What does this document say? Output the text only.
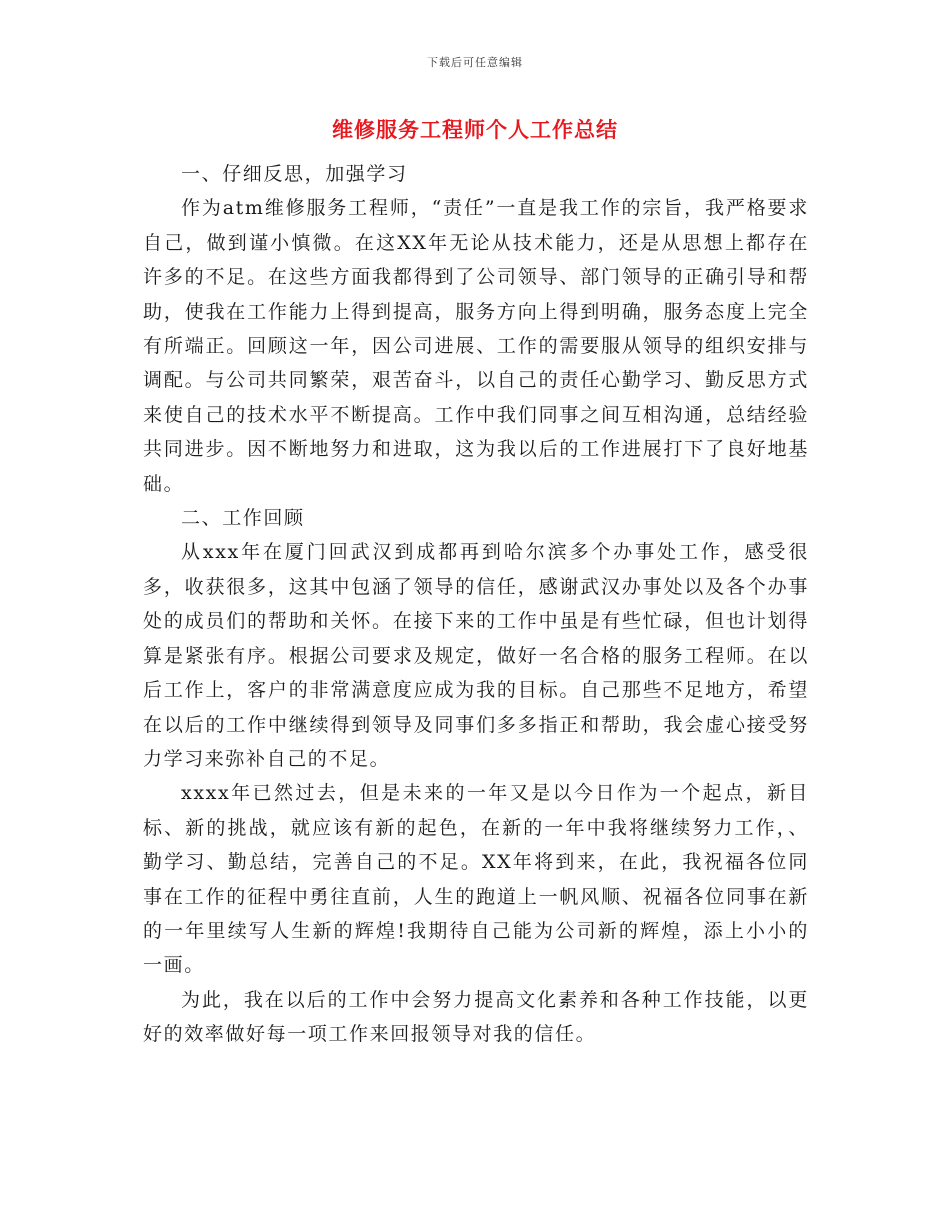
下载后可任意编辑
维修服务工程师个人工作总结

一、仔细反思，加强学习

作为atm维修服务工程师，“责任”一直是我工作的宗旨，我严格要求自己，做到谨小慎微。在这XX年无论从技术能力，还是从思想上都存在许多的不足。在这些方面我都得到了公司领导、部门领导的正确引导和帮助，使我在工作能力上得到提高，服务方向上得到明确，服务态度上完全有所端正。回顾这一年，因公司进展、工作的需要服从领导的组织安排与调配。与公司共同繁荣，艰苦奋斗，以自己的责任心勤学习、勤反思方式来使自己的技术水平不断提高。工作中我们同事之间互相沟通，总结经验共同进步。因不断地努力和进取，这为我以后的工作进展打下了良好地基础。

二、工作回顾

从xxx年在厦门回武汉到成都再到哈尔滨多个办事处工作，感受很多，收获很多，这其中包涵了领导的信任，感谢武汉办事处以及各个办事处的成员们的帮助和关怀。在接下来的工作中虽是有些忙碌，但也计划得算是紧张有序。根据公司要求及规定，做好一名合格的服务工程师。在以后工作上，客户的非常满意度应成为我的目标。自己那些不足地方，希望在以后的工作中继续得到领导及同事们多多指正和帮助，我会虚心接受努力学习来弥补自己的不足。

xxxx年已然过去，但是未来的一年又是以今日作为一个起点，新目标、新的挑战，就应该有新的起色，在新的一年中我将继续努力工作，、勤学习、勤总结，完善自己的不足。XX年将到来，在此，我祝福各位同事在工作的征程中勇往直前，人生的跑道上一帆风顺、祝福各位同事在新的一年里续写人生新的辉煌!我期待自己能为公司新的辉煌，添上小小的一画。

为此，我在以后的工作中会努力提高文化素养和各种工作技能，以更好的效率做好每一项工作来回报领导对我的信任。
